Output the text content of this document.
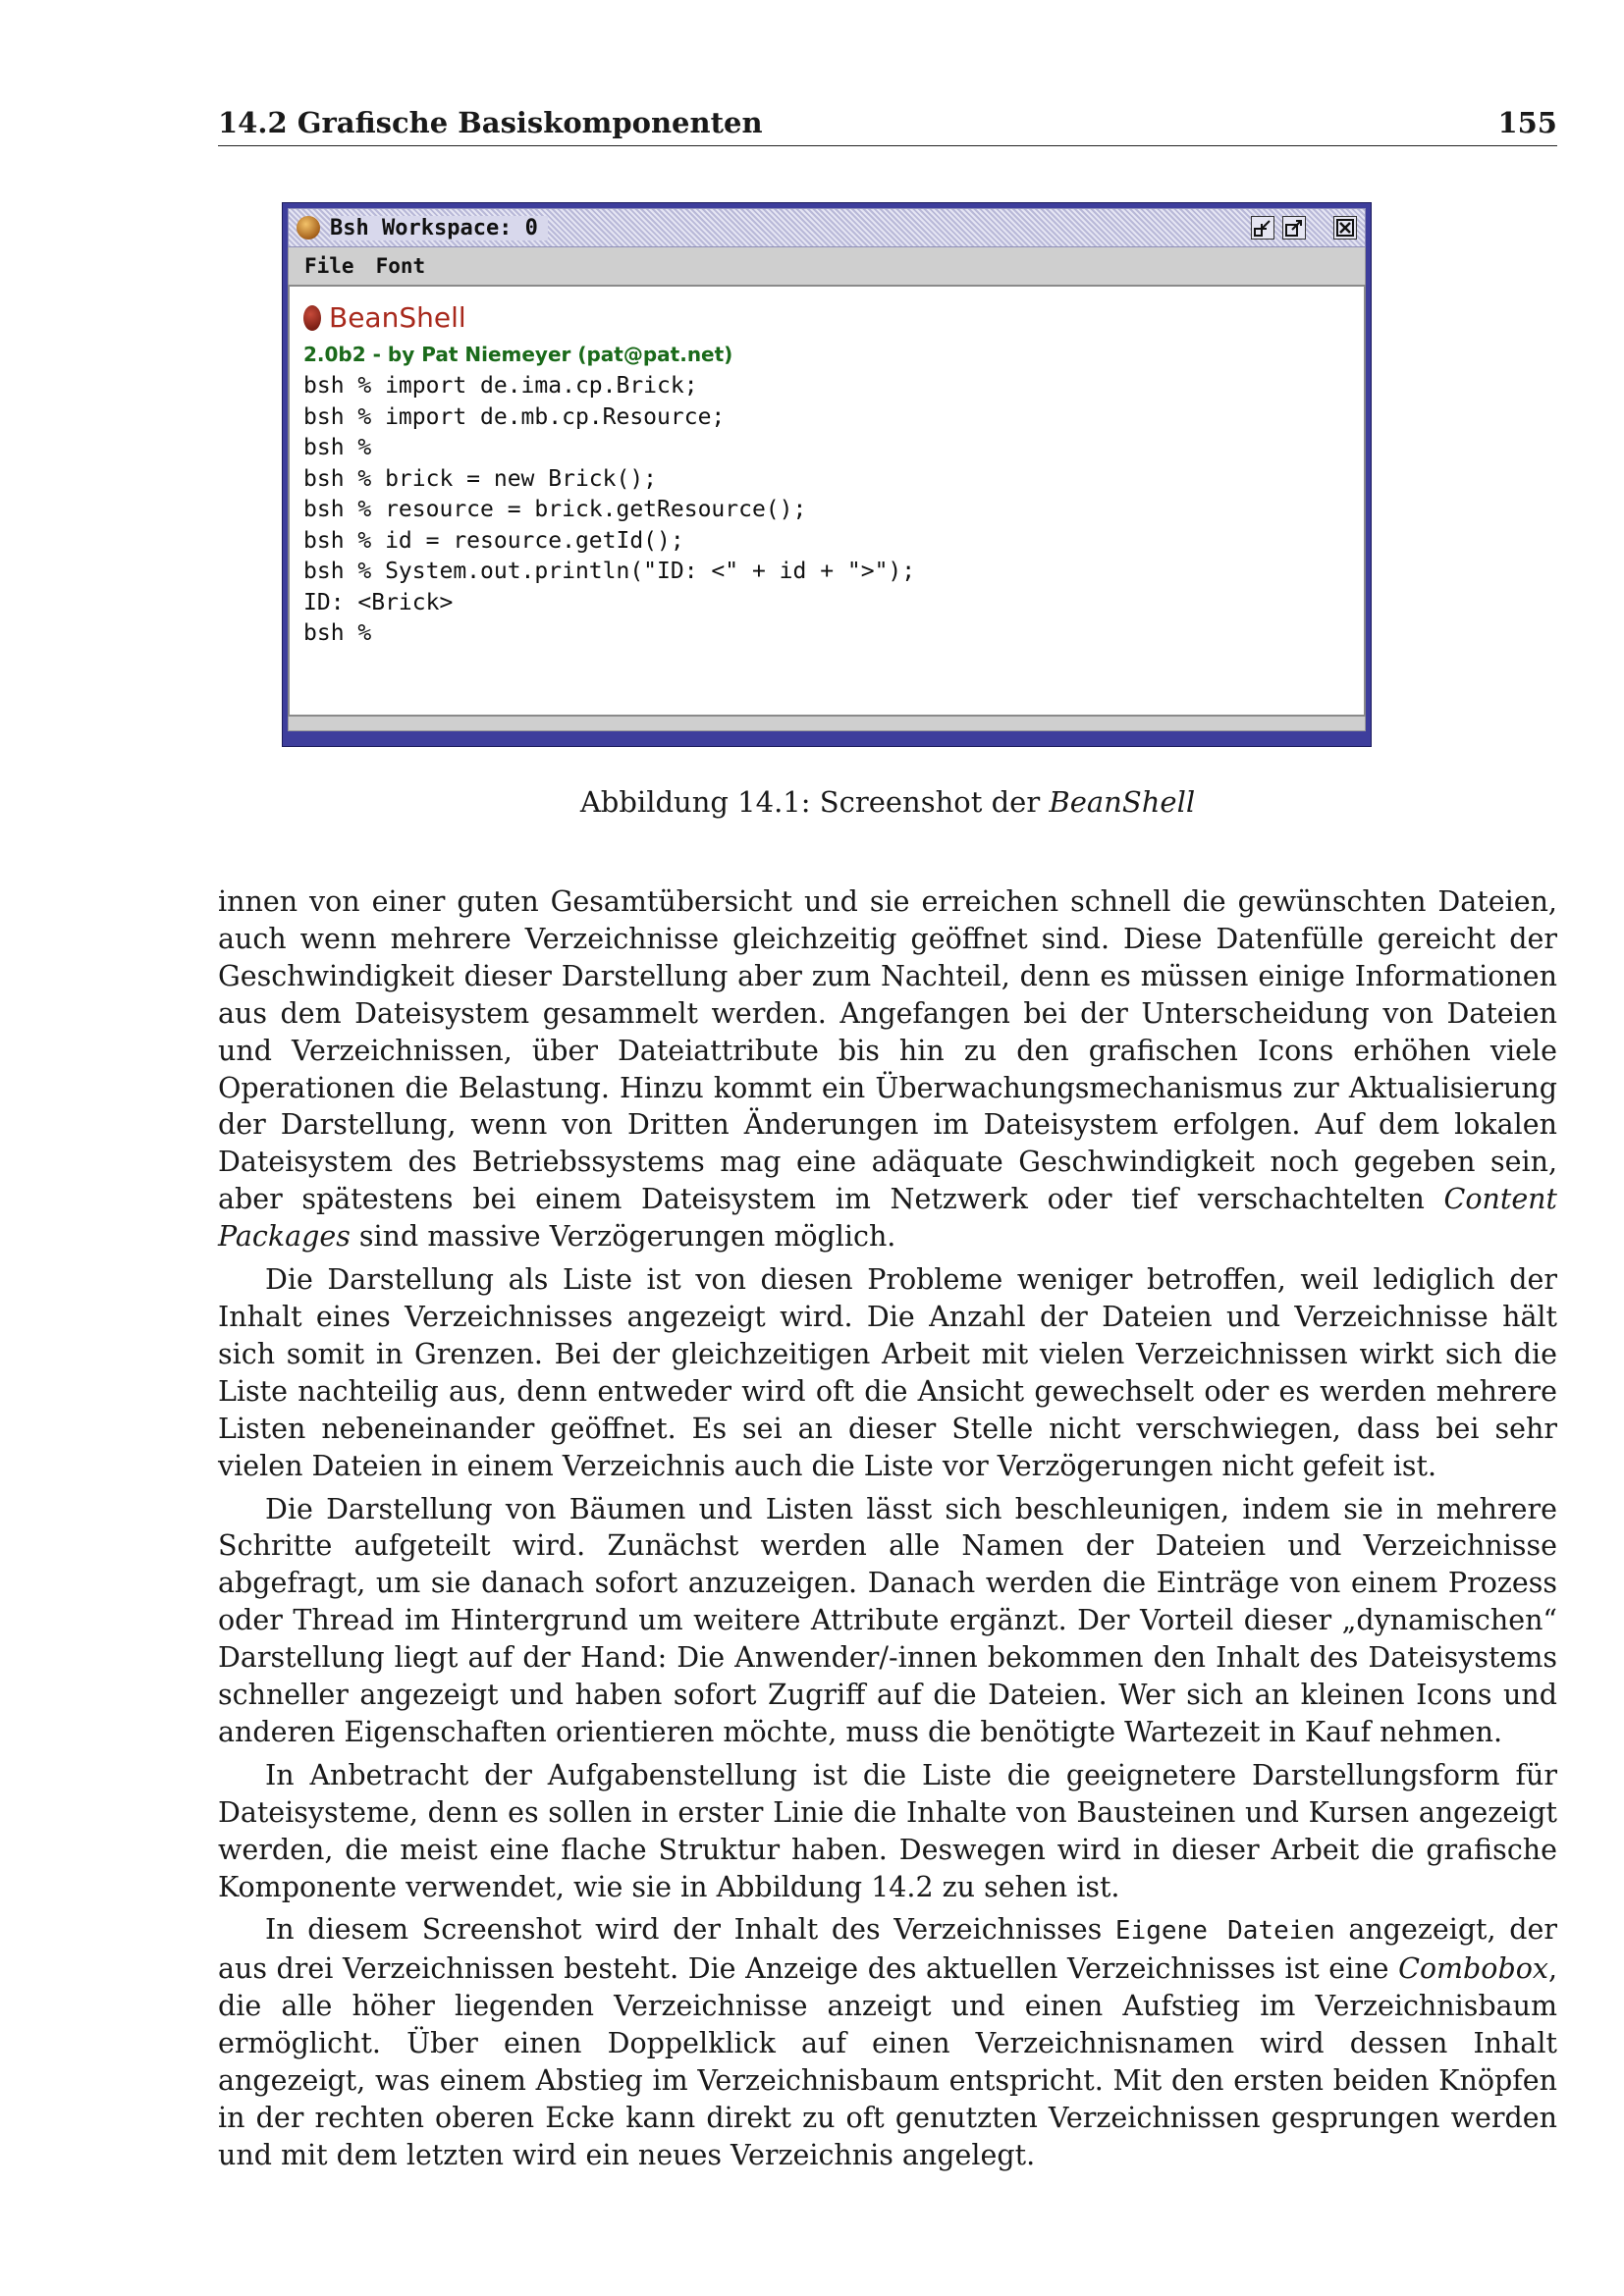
14.2 Grafische Basiskomponenten	155
Bsh Workspace: 0
File Font
BeanShell
2.0b2 - by Pat Niemeyer (pat@pat.net)
bsh % import de.ima.cp.Brick;
bsh % import de.mb.cp.Resource;
bsh %
bsh % brick = new Brick();
bsh % resource = brick.getResource();
bsh % id = resource.getId();
bsh % System.out.println("ID: <" + id + ">");
ID: <Brick>
bsh %
Abbildung 14.1: Screenshot der BeanShell

innen von einer guten Gesamtübersicht und sie erreichen schnell die gewünschten Dateien, auch wenn mehrere Verzeichnisse gleichzeitig geöffnet sind. Diese Datenfülle gereicht der Geschwindigkeit dieser Darstellung aber zum Nachteil, denn es müssen einige Informationen aus dem Dateisystem gesammelt werden. Angefangen bei der Unterscheidung von Dateien und Verzeichnissen, über Dateiattribute bis hin zu den grafischen Icons erhöhen viele Operationen die Belastung. Hinzu kommt ein Überwachungsmechanismus zur Aktualisierung der Darstellung, wenn von Dritten Änderungen im Dateisystem erfolgen. Auf dem lokalen Dateisystem des Betriebssystems mag eine adäquate Geschwindigkeit noch gegeben sein, aber spätestens bei einem Dateisystem im Netzwerk oder tief verschachtelten Content Packages sind massive Verzögerungen möglich.

Die Darstellung als Liste ist von diesen Probleme weniger betroffen, weil lediglich der Inhalt eines Verzeichnisses angezeigt wird. Die Anzahl der Dateien und Verzeichnisse hält sich somit in Grenzen. Bei der gleichzeitigen Arbeit mit vielen Verzeichnissen wirkt sich die Liste nachteilig aus, denn entweder wird oft die Ansicht gewechselt oder es werden mehrere Listen nebeneinander geöffnet. Es sei an dieser Stelle nicht verschwiegen, dass bei sehr vielen Dateien in einem Verzeichnis auch die Liste vor Verzögerungen nicht gefeit ist.

Die Darstellung von Bäumen und Listen lässt sich beschleunigen, indem sie in mehrere Schritte aufgeteilt wird. Zunächst werden alle Namen der Dateien und Verzeichnisse abgefragt, um sie danach sofort anzuzeigen. Danach werden die Einträge von einem Prozess oder Thread im Hintergrund um weitere Attribute ergänzt. Der Vorteil dieser „dynamischen“ Darstellung liegt auf der Hand: Die Anwender/-innen bekommen den Inhalt des Dateisystems schneller angezeigt und haben sofort Zugriff auf die Dateien. Wer sich an kleinen Icons und anderen Eigenschaften orientieren möchte, muss die benötigte Wartezeit in Kauf nehmen.

In Anbetracht der Aufgabenstellung ist die Liste die geeignetere Darstellungsform für Dateisysteme, denn es sollen in erster Linie die Inhalte von Bausteinen und Kursen angezeigt werden, die meist eine flache Struktur haben. Deswegen wird in dieser Arbeit die grafische Komponente verwendet, wie sie in Abbildung 14.2 zu sehen ist.

In diesem Screenshot wird der Inhalt des Verzeichnisses Eigene Dateien angezeigt, der aus drei Verzeichnissen besteht. Die Anzeige des aktuellen Verzeichnisses ist eine Combobox, die alle höher liegenden Verzeichnisse anzeigt und einen Aufstieg im Verzeichnisbaum ermöglicht. Über einen Doppelklick auf einen Verzeichnisnamen wird dessen Inhalt angezeigt, was einem Abstieg im Verzeichnisbaum entspricht. Mit den ersten beiden Knöpfen in der rechten oberen Ecke kann direkt zu oft genutzten Verzeichnissen gesprungen werden und mit dem letzten wird ein neues Verzeichnis angelegt.
